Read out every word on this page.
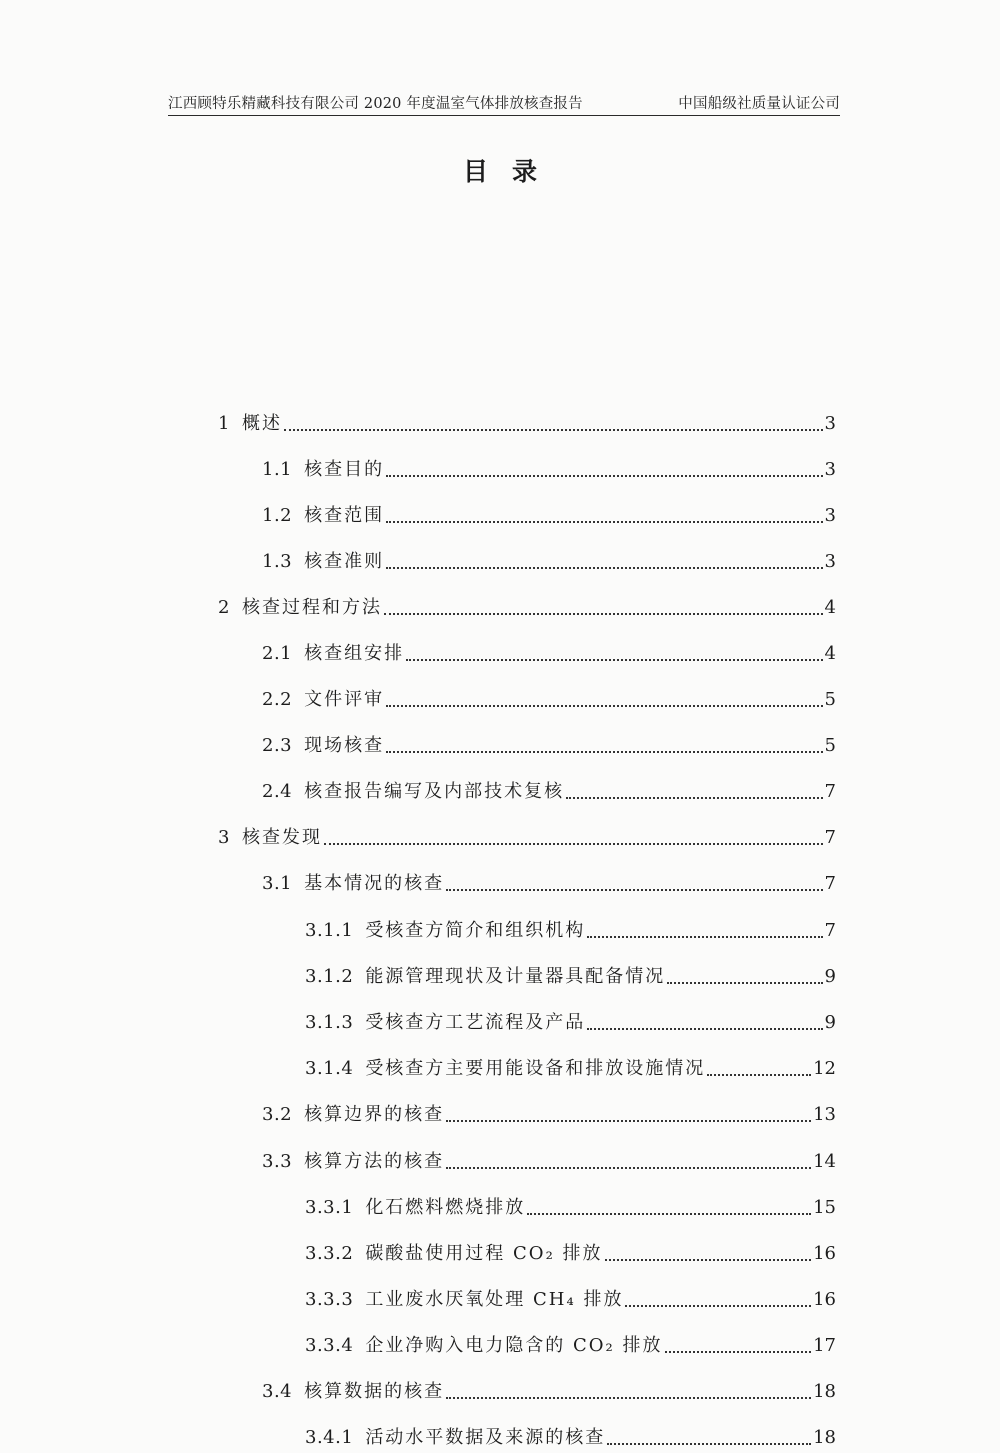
江西顾特乐精藏科技有限公司 2020 年度温室气体排放核查报告	中国船级社质量认证公司
目录
1 概述	3
1.1 核查目的	3
1.2 核查范围	3
1.3 核查准则	3
2 核查过程和方法	4
2.1 核查组安排	4
2.2 文件评审	5
2.3 现场核查	5
2.4 核查报告编写及内部技术复核	7
3 核查发现	7
3.1 基本情况的核查	7
3.1.1 受核查方简介和组织机构	7
3.1.2 能源管理现状及计量器具配备情况	9
3.1.3 受核查方工艺流程及产品	9
3.1.4 受核查方主要用能设备和排放设施情况	12
3.2 核算边界的核查	13
3.3 核算方法的核查	14
3.3.1 化石燃料燃烧排放	15
3.3.2 碳酸盐使用过程 CO₂ 排放	16
3.3.3 工业废水厌氧处理 CH₄ 排放	16
3.3.4 企业净购入电力隐含的 CO₂ 排放	17
3.4 核算数据的核查	18
3.4.1 活动水平数据及来源的核查	18
